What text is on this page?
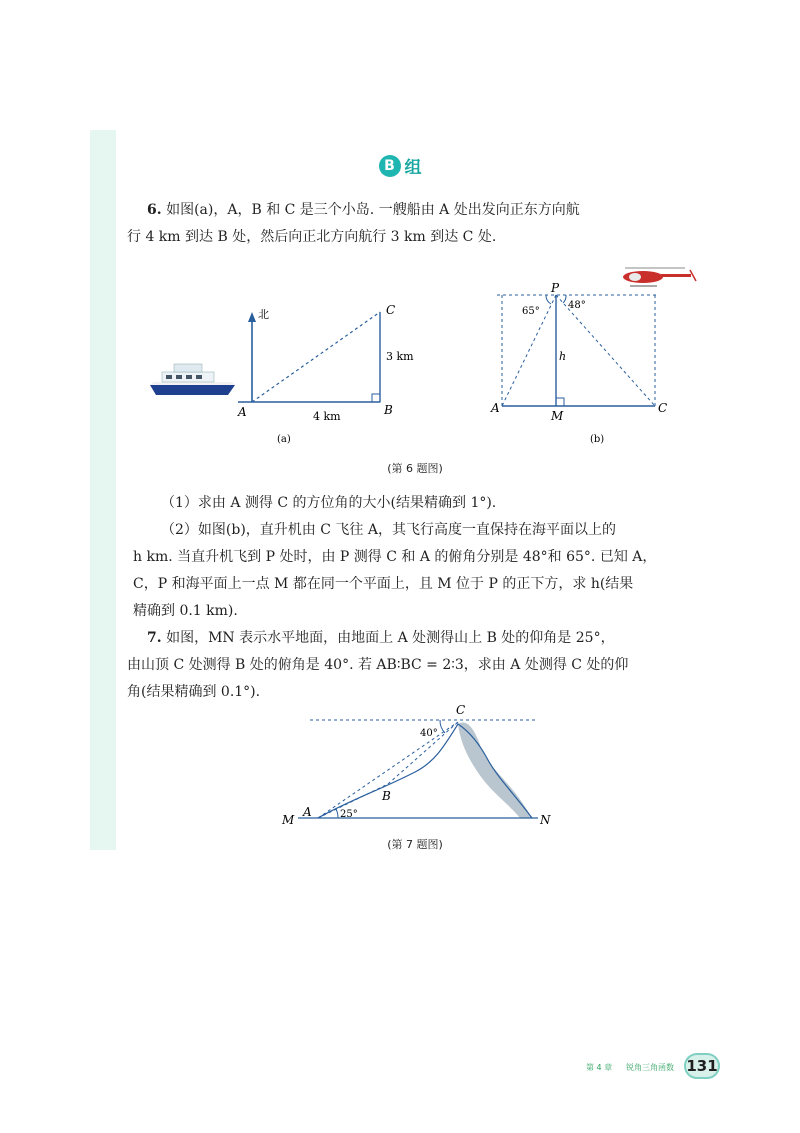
B 组

6. 如图(a)，A，B 和 C 是三个小岛. 一艘船由 A 处出发向正东方向航
行 4 km 到达 B 处，然后向正北方向航行 3 km 到达 C 处.

北
A	B
C
4 km
3 km
(a)
P
65°
48°
h
A
M
C
(b)
(第 6 题图)

（1）求由 A 测得 C 的方位角的大小(结果精确到 1°).

（2）如图(b)，直升机由 C 飞往 A，其飞行高度一直保持在海平面以上的
h km. 当直升机飞到 P 处时，由 P 测得 C 和 A 的俯角分别是 48°和 65°. 已知 A，
C，P 和海平面上一点 M 都在同一个平面上，且 M 位于 P 的正下方，求 h(结果
精确到 0.1 km).

7. 如图，MN 表示水平地面，由地面上 A 处测得山上 B 处的仰角是 25°，
由山顶 C 处测得 B 处的俯角是 40°. 若 AB∶BC = 2∶3，求由 A 处测得 C 处的仰
角(结果精确到 0.1°).

M
A
B
C
N
25°
40°
(第 7 题图)
第 4 章 锐角三角函数 131
